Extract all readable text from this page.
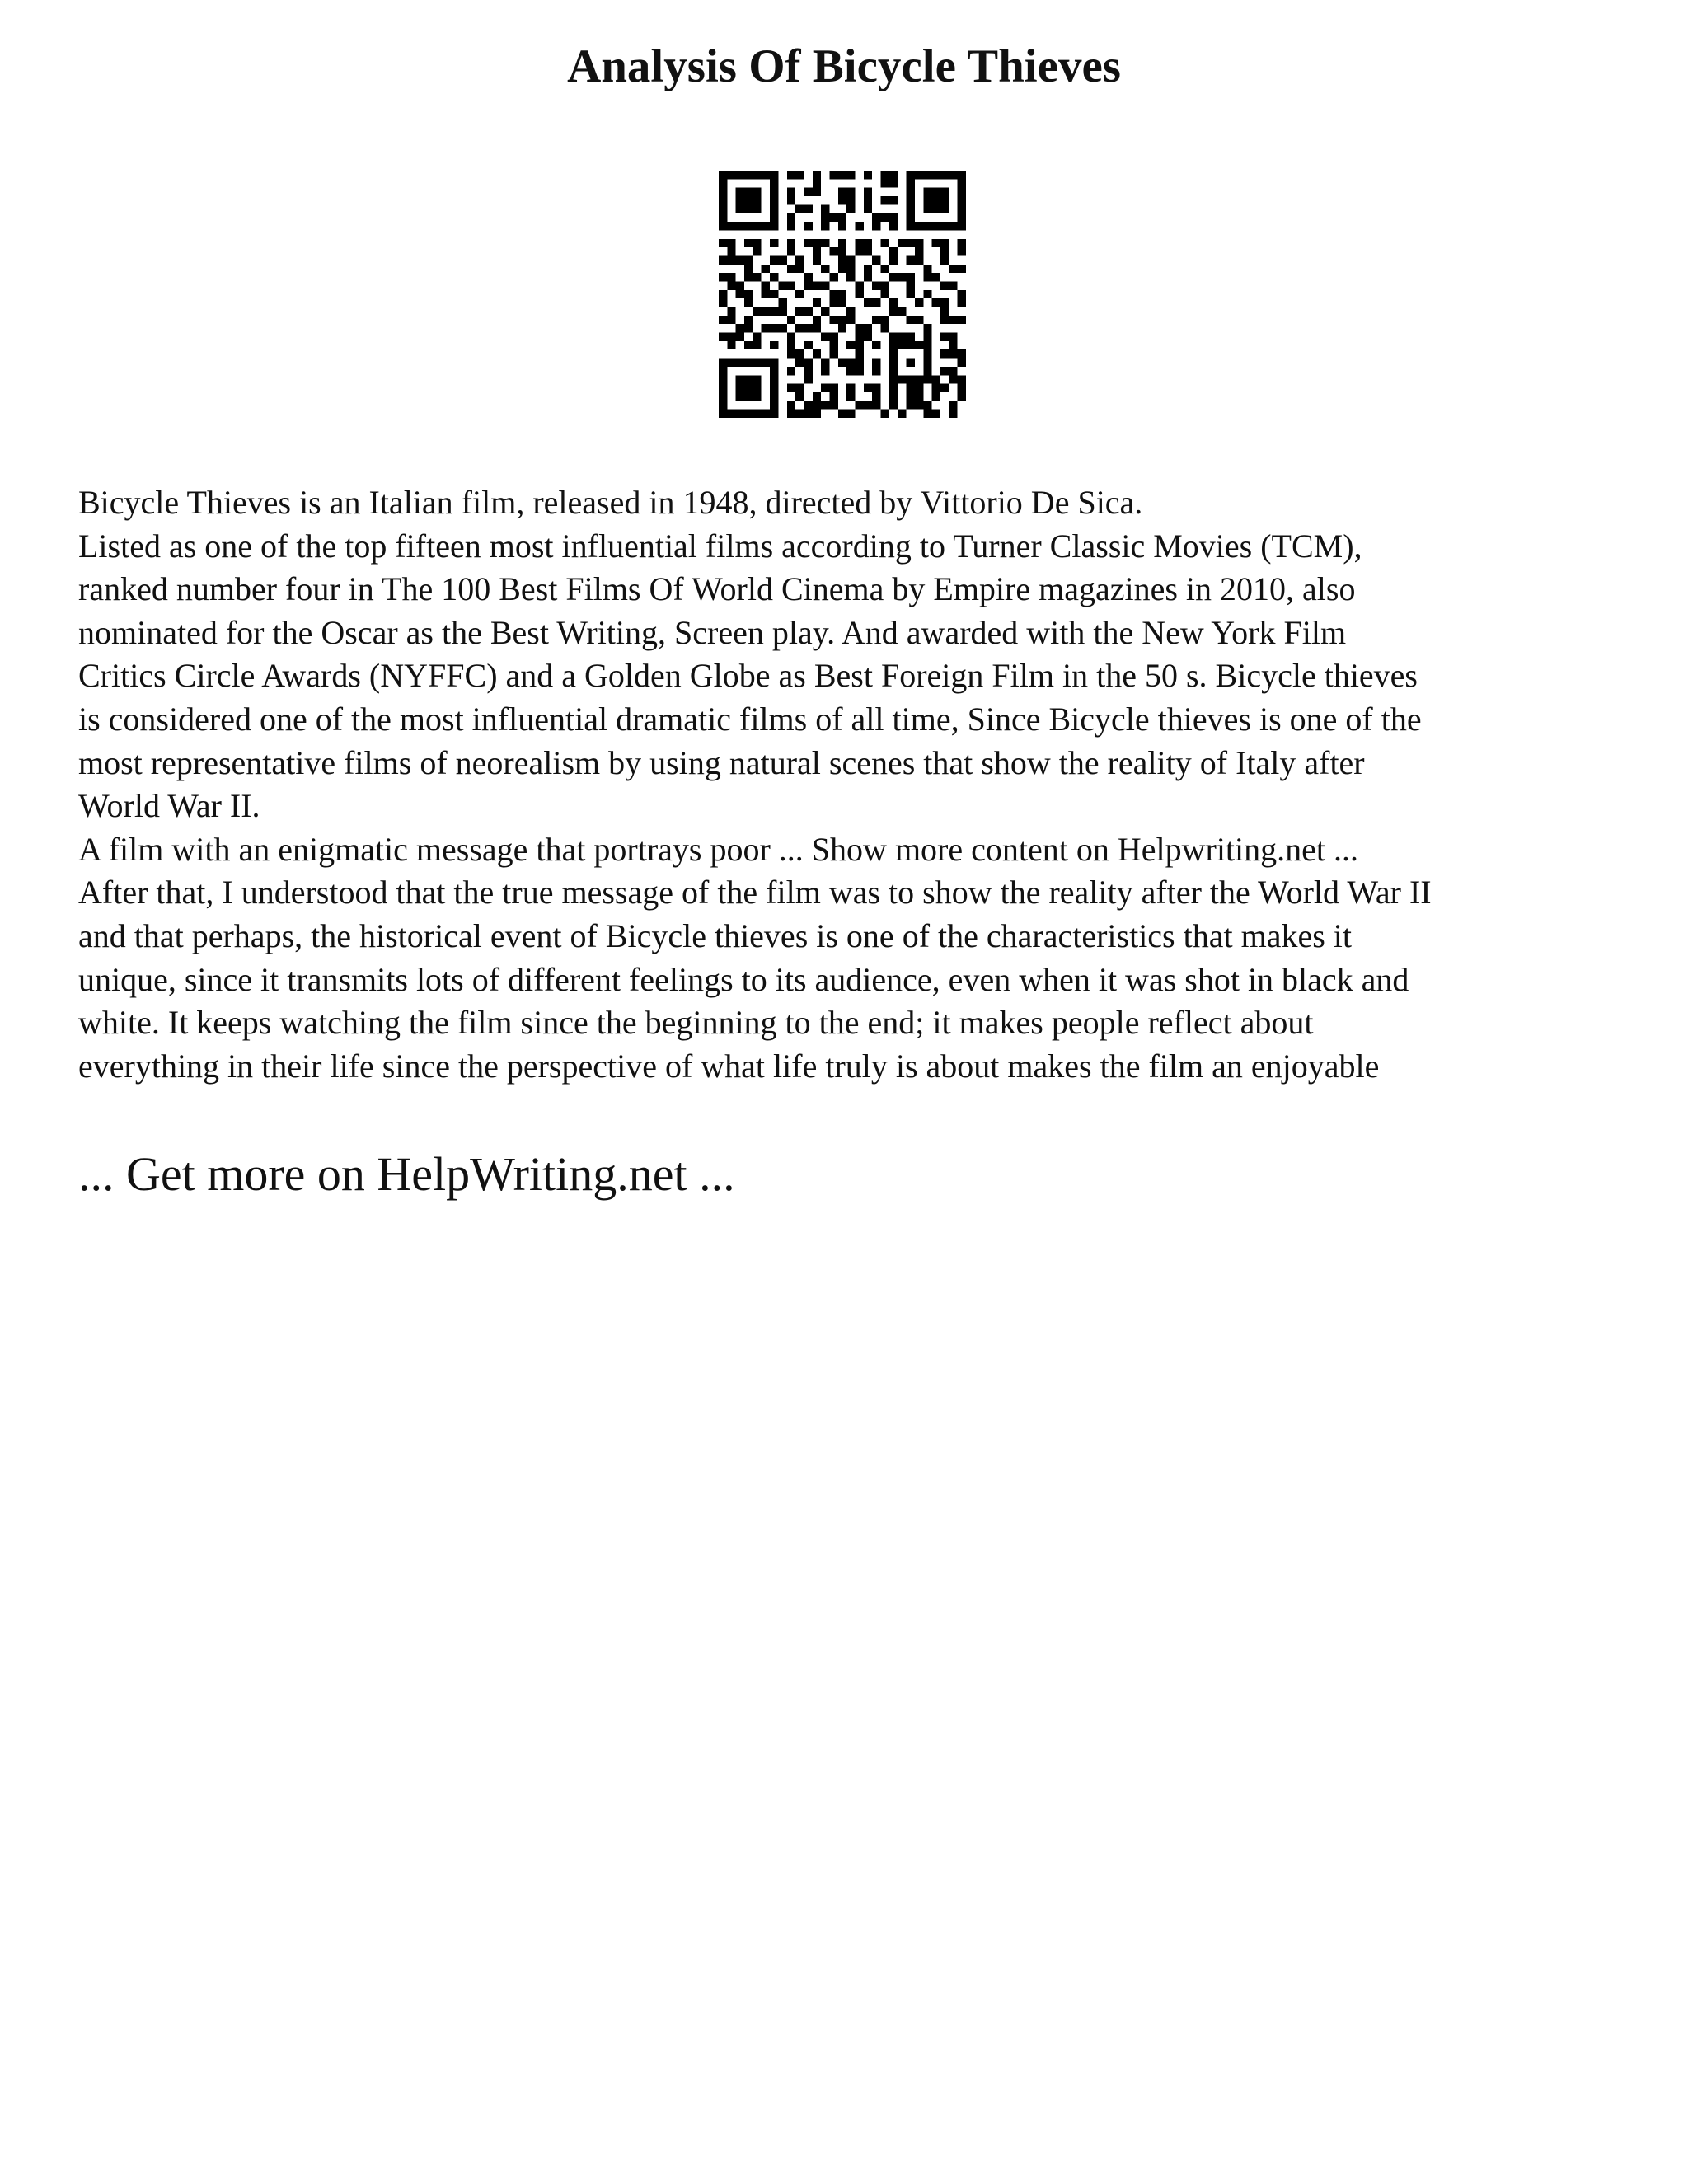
Analysis Of Bicycle Thieves

Bicycle Thieves is an Italian film, released in 1948, directed by Vittorio De Sica.

Listed as one of the top fifteen most influential films according to Turner Classic Movies (TCM),

ranked number four in The 100 Best Films Of World Cinema by Empire magazines in 2010, also

nominated for the Oscar as the Best Writing, Screen play. And awarded with the New York Film

Critics Circle Awards (NYFFC) and a Golden Globe as Best Foreign Film in the 50 s. Bicycle thieves

is considered one of the most influential dramatic films of all time, Since Bicycle thieves is one of the

most representative films of neorealism by using natural scenes that show the reality of Italy after

World War II.

A film with an enigmatic message that portrays poor ... Show more content on Helpwriting.net ...

After that, I understood that the true message of the film was to show the reality after the World War II

and that perhaps, the historical event of Bicycle thieves is one of the characteristics that makes it

unique, since it transmits lots of different feelings to its audience, even when it was shot in black and

white. It keeps watching the film since the beginning to the end; it makes people reflect about

everything in their life since the perspective of what life truly is about makes the film an enjoyable

... Get more on HelpWriting.net ...
